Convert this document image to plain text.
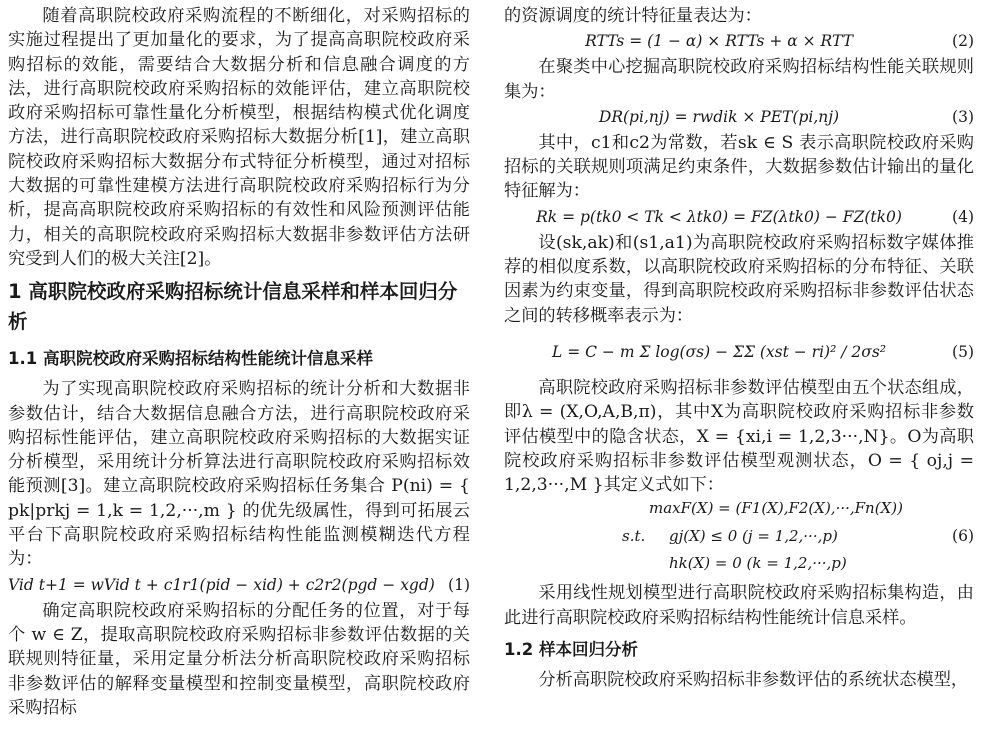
随着高职院校政府采购流程的不断细化，对采购招标的实施过程提出了更加量化的要求，为了提高高职院校政府采购招标的效能，需要结合大数据分析和信息融合调度的方法，进行高职院校政府采购招标的效能评估，建立高职院校政府采购招标可靠性量化分析模型，根据结构模式优化调度方法，进行高职院校政府采购招标大数据分析[1]，建立高职院校政府采购招标大数据分布式特征分析模型，通过对招标大数据的可靠性建模方法进行高职院校政府采购招标行为分析，提高高职院校政府采购招标的有效性和风险预测评估能力，相关的高职院校政府采购招标大数据非参数评估方法研究受到人们的极大关注[2]。

1 高职院校政府采购招标统计信息采样和样本回归分析
1.1 高职院校政府采购招标结构性能统计信息采样

为了实现高职院校政府采购招标的统计分析和大数据非参数估计，结合大数据信息融合方法，进行高职院校政府采购招标性能评估，建立高职院校政府采购招标的大数据实证分析模型，采用统计分析算法进行高职院校政府采购招标效能预测[3]。建立高职院校政府采购招标任务集合 P(ni) = { pk|prkj = 1,k = 1,2,···,m } 的优先级属性，得到可拓展云平台下高职院校政府采购招标结构性能监测模糊迭代方程为：

Vid t+1 = wVid t + c1r1(pid − xid) + c2r2(pgd − xgd) (1)

确定高职院校政府采购招标的分配任务的位置，对于每个 w ∈ Z，提取高职院校政府采购招标非参数评估数据的关联规则特征量，采用定量分析法分析高职院校政府采购招标非参数评估的解释变量模型和控制变量模型，高职院校政府采购招标

的资源调度的统计特征量表达为：

RTTs = (1 − α) × RTTs + α × RTT	(2)

在聚类中心挖掘高职院校政府采购招标结构性能关联规则集为：

DR(pi,nj) = rwdik × PET(pi,nj)	(3)

其中，c1和c2为常数，若sk ∈ S 表示高职院校政府采购招标的关联规则项满足约束条件，大数据参数估计输出的量化特征解为：

Rk = p(tk0 < Tk < λtk0) = FZ(λtk0) − FZ(tk0)	(4)

设(sk,ak)和(s1,a1)为高职院校政府采购招标数字媒体推荐的相似度系数，以高职院校政府采购招标的分布特征、关联因素为约束变量，得到高职院校政府采购招标非参数评估状态之间的转移概率表示为：

L = C − m Σ log(σs) − ΣΣ (xst − ri)² / 2σs²	(5)

高职院校政府采购招标非参数评估模型由五个状态组成，即λ = (X,O,A,B,π)，其中X为高职院校政府采购招标非参数评估模型中的隐含状态，X = {xi,i = 1,2,3···,N}。O为高职院校政府采购招标非参数评估模型观测状态，O = { oj,j = 1,2,3···,M }其定义式如下：

maxF(X) = (F1(X),F2(X),···,Fn(X))
s.t.	gj(X) ≤ 0 (j = 1,2,···,p)
hk(X) = 0 (k = 1,2,···,p)
(6)

采用线性规划模型进行高职院校政府采购招标集构造，由此进行高职院校政府采购招标结构性能统计信息采样。

1.2 样本回归分析

分析高职院校政府采购招标非参数评估的系统状态模型，
